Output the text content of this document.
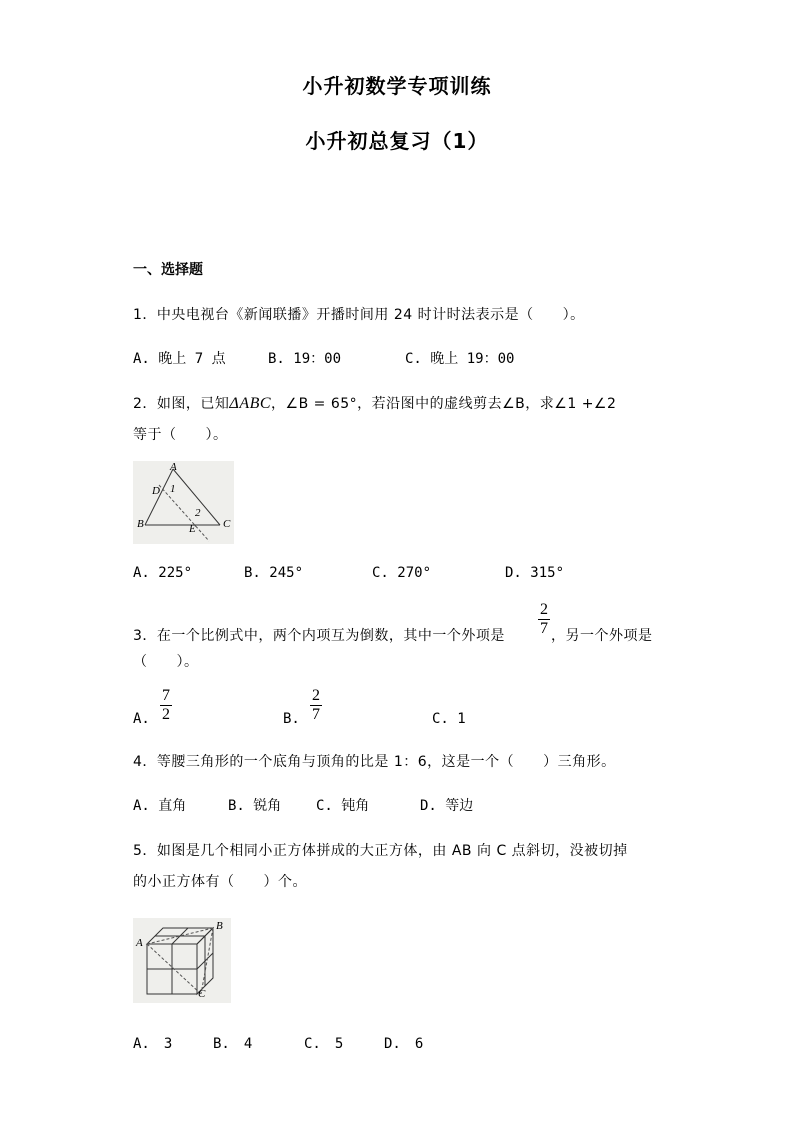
小升初数学专项训练
小升初总复习（1）
一、选择题
1．中央电视台《新闻联播》开播时间用 24 时计时法表示是（　　）。
A. 晚上 7 点	B. 19：00	C. 晚上 19：00
2．如图，已知ΔABC，∠B = 65°，若沿图中的虚线剪去∠B，求∠1 +∠2
等于（　　）。
A
D 1
2
B	E C
A. 225°	B. 245°	C. 270°	D. 315°
3．在一个比例式中，两个内项互为倒数，其中一个外项是
2
7 ，另一个外项是
（　　）。
A.
7
2	B.
2
7	C. 1
4．等腰三角形的一个底角与顶角的比是 1：6，这是一个（　　）三角形。
A. 直角	B. 锐角 C. 钝角	D. 等边
5．如图是几个相同小正方体拼成的大正方体，由 AB 向 C 点斜切，没被切掉
的小正方体有（　　）个。
A
B
C
A.　3	B.　4	C.　5	D.　6
